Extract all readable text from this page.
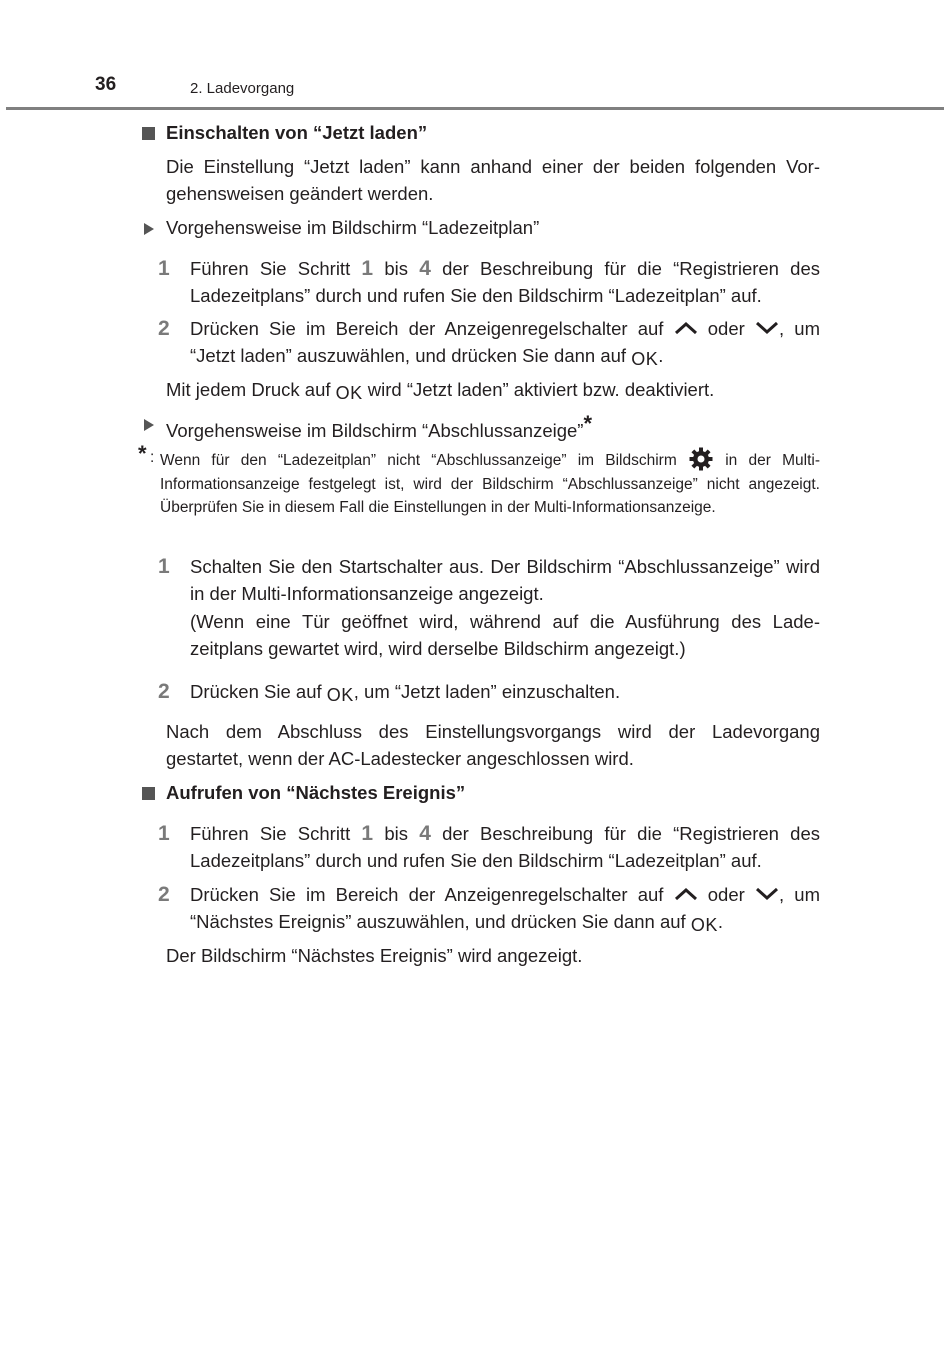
36	2. Ladevorgang
Einschalten von “Jetzt laden”
Die Einstellung “Jetzt laden” kann anhand einer der beiden folgenden Vor-gehensweisen geändert werden.
Vorgehensweise im Bildschirm “Ladezeitplan”
1 Führen Sie Schritt 1 bis 4 der Beschreibung für die “Registrieren des Ladezeitplans” durch und rufen Sie den Bildschirm “Ladezeitplan” auf.
2 Drücken Sie im Bereich der Anzeigenregelschalter auf  oder , um “Jetzt laden” auszuwählen, und drücken Sie dann auf OK.
Mit jedem Druck auf OK wird “Jetzt laden” aktiviert bzw. deaktiviert.
Vorgehensweise im Bildschirm “Abschlussanzeige”*
* : Wenn für den “Ladezeitplan” nicht “Abschlussanzeige” im Bildschirm  in der Multi-Informationsanzeige festgelegt ist, wird der Bildschirm “Abschlussanzeige” nicht angezeigt. Überprüfen Sie in diesem Fall die Einstellungen in der Multi-Informationsanzeige.
1 Schalten Sie den Startschalter aus. Der Bildschirm “Abschlussanzeige” wird in der Multi-Informationsanzeige angezeigt.
(Wenn eine Tür geöffnet wird, während auf die Ausführung des Lade-zeitplans gewartet wird, wird derselbe Bildschirm angezeigt.)
2 Drücken Sie auf OK, um “Jetzt laden” einzuschalten.
Nach dem Abschluss des Einstellungsvorgangs wird der Ladevorgang gestartet, wenn der AC-Ladestecker angeschlossen wird.
Aufrufen von “Nächstes Ereignis”
1 Führen Sie Schritt 1 bis 4 der Beschreibung für die “Registrieren des Ladezeitplans” durch und rufen Sie den Bildschirm “Ladezeitplan” auf.
2 Drücken Sie im Bereich der Anzeigenregelschalter auf  oder , um “Nächstes Ereignis” auszuwählen, und drücken Sie dann auf OK.
Der Bildschirm “Nächstes Ereignis” wird angezeigt.
